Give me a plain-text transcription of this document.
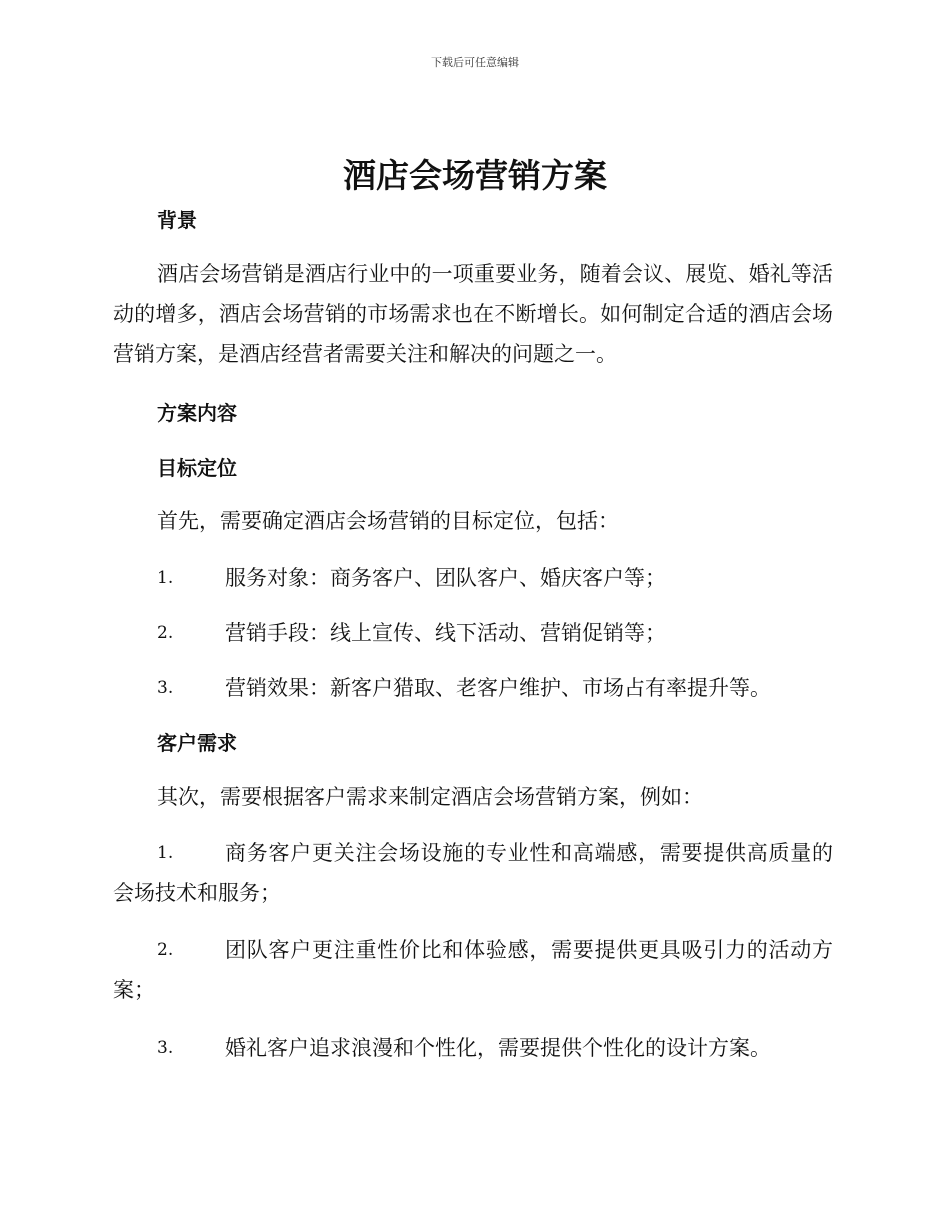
下载后可任意编辑
酒店会场营销方案
背景
酒店会场营销是酒店行业中的一项重要业务，随着会议、展览、婚礼等活动的增多，酒店会场营销的市场需求也在不断增长。如何制定合适的酒店会场营销方案，是酒店经营者需要关注和解决的问题之一。
方案内容
目标定位
首先，需要确定酒店会场营销的目标定位，包括：
1.	服务对象：商务客户、团队客户、婚庆客户等；
2.	营销手段：线上宣传、线下活动、营销促销等；
3.	营销效果：新客户猎取、老客户维护、市场占有率提升等。
客户需求
其次，需要根据客户需求来制定酒店会场营销方案，例如：
1.	商务客户更关注会场设施的专业性和高端感，需要提供高质量的会场技术和服务；
2.	团队客户更注重性价比和体验感，需要提供更具吸引力的活动方案；
3.	婚礼客户追求浪漫和个性化，需要提供个性化的设计方案。
